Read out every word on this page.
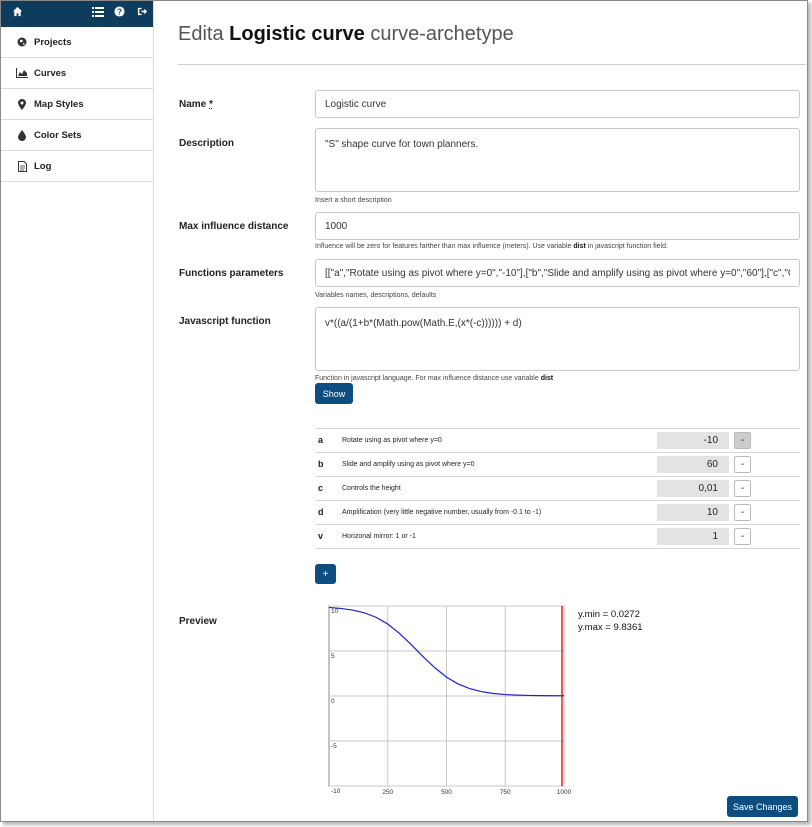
?
Projects
Curves
Map Styles
Color Sets
Log
Edita Logistic curve curve-archetype
Name *
Logistic curve
Description
"S" shape curve for town planners.
Insert a short description
Max influence distance
1000
Influence will be zero for features farther than max influence (meters). Use variable dist in javascript function field.
Functions parameters
[["a","Rotate using as pivot where y=0","-10"],["b","Slide and amplify using as pivot where y=0","60"],["c","Controls the height","0,01"]]
Variables names, descriptions, defaults
Javascript function
v*((a/(1+b*(Math.pow(Math.E,(x*(-c)))))) + d)
Function in javascript language. For max influence distance use variable dist
Show
a	Rotate using as pivot where y=0	-10	-
b	Slide and amplify using as pivot where y=0	60	-
c	Controls the height	0,01	-
d	Amplification (very little negative number, usually from -0.1 to -1)	10	-
v	Horizonal mirror: 1 or -1	1	-
+
Preview
250	500	750	1000
10
5
0
-5
-10
y.min = 0.0272
y.max = 9.8361
Save Changes
